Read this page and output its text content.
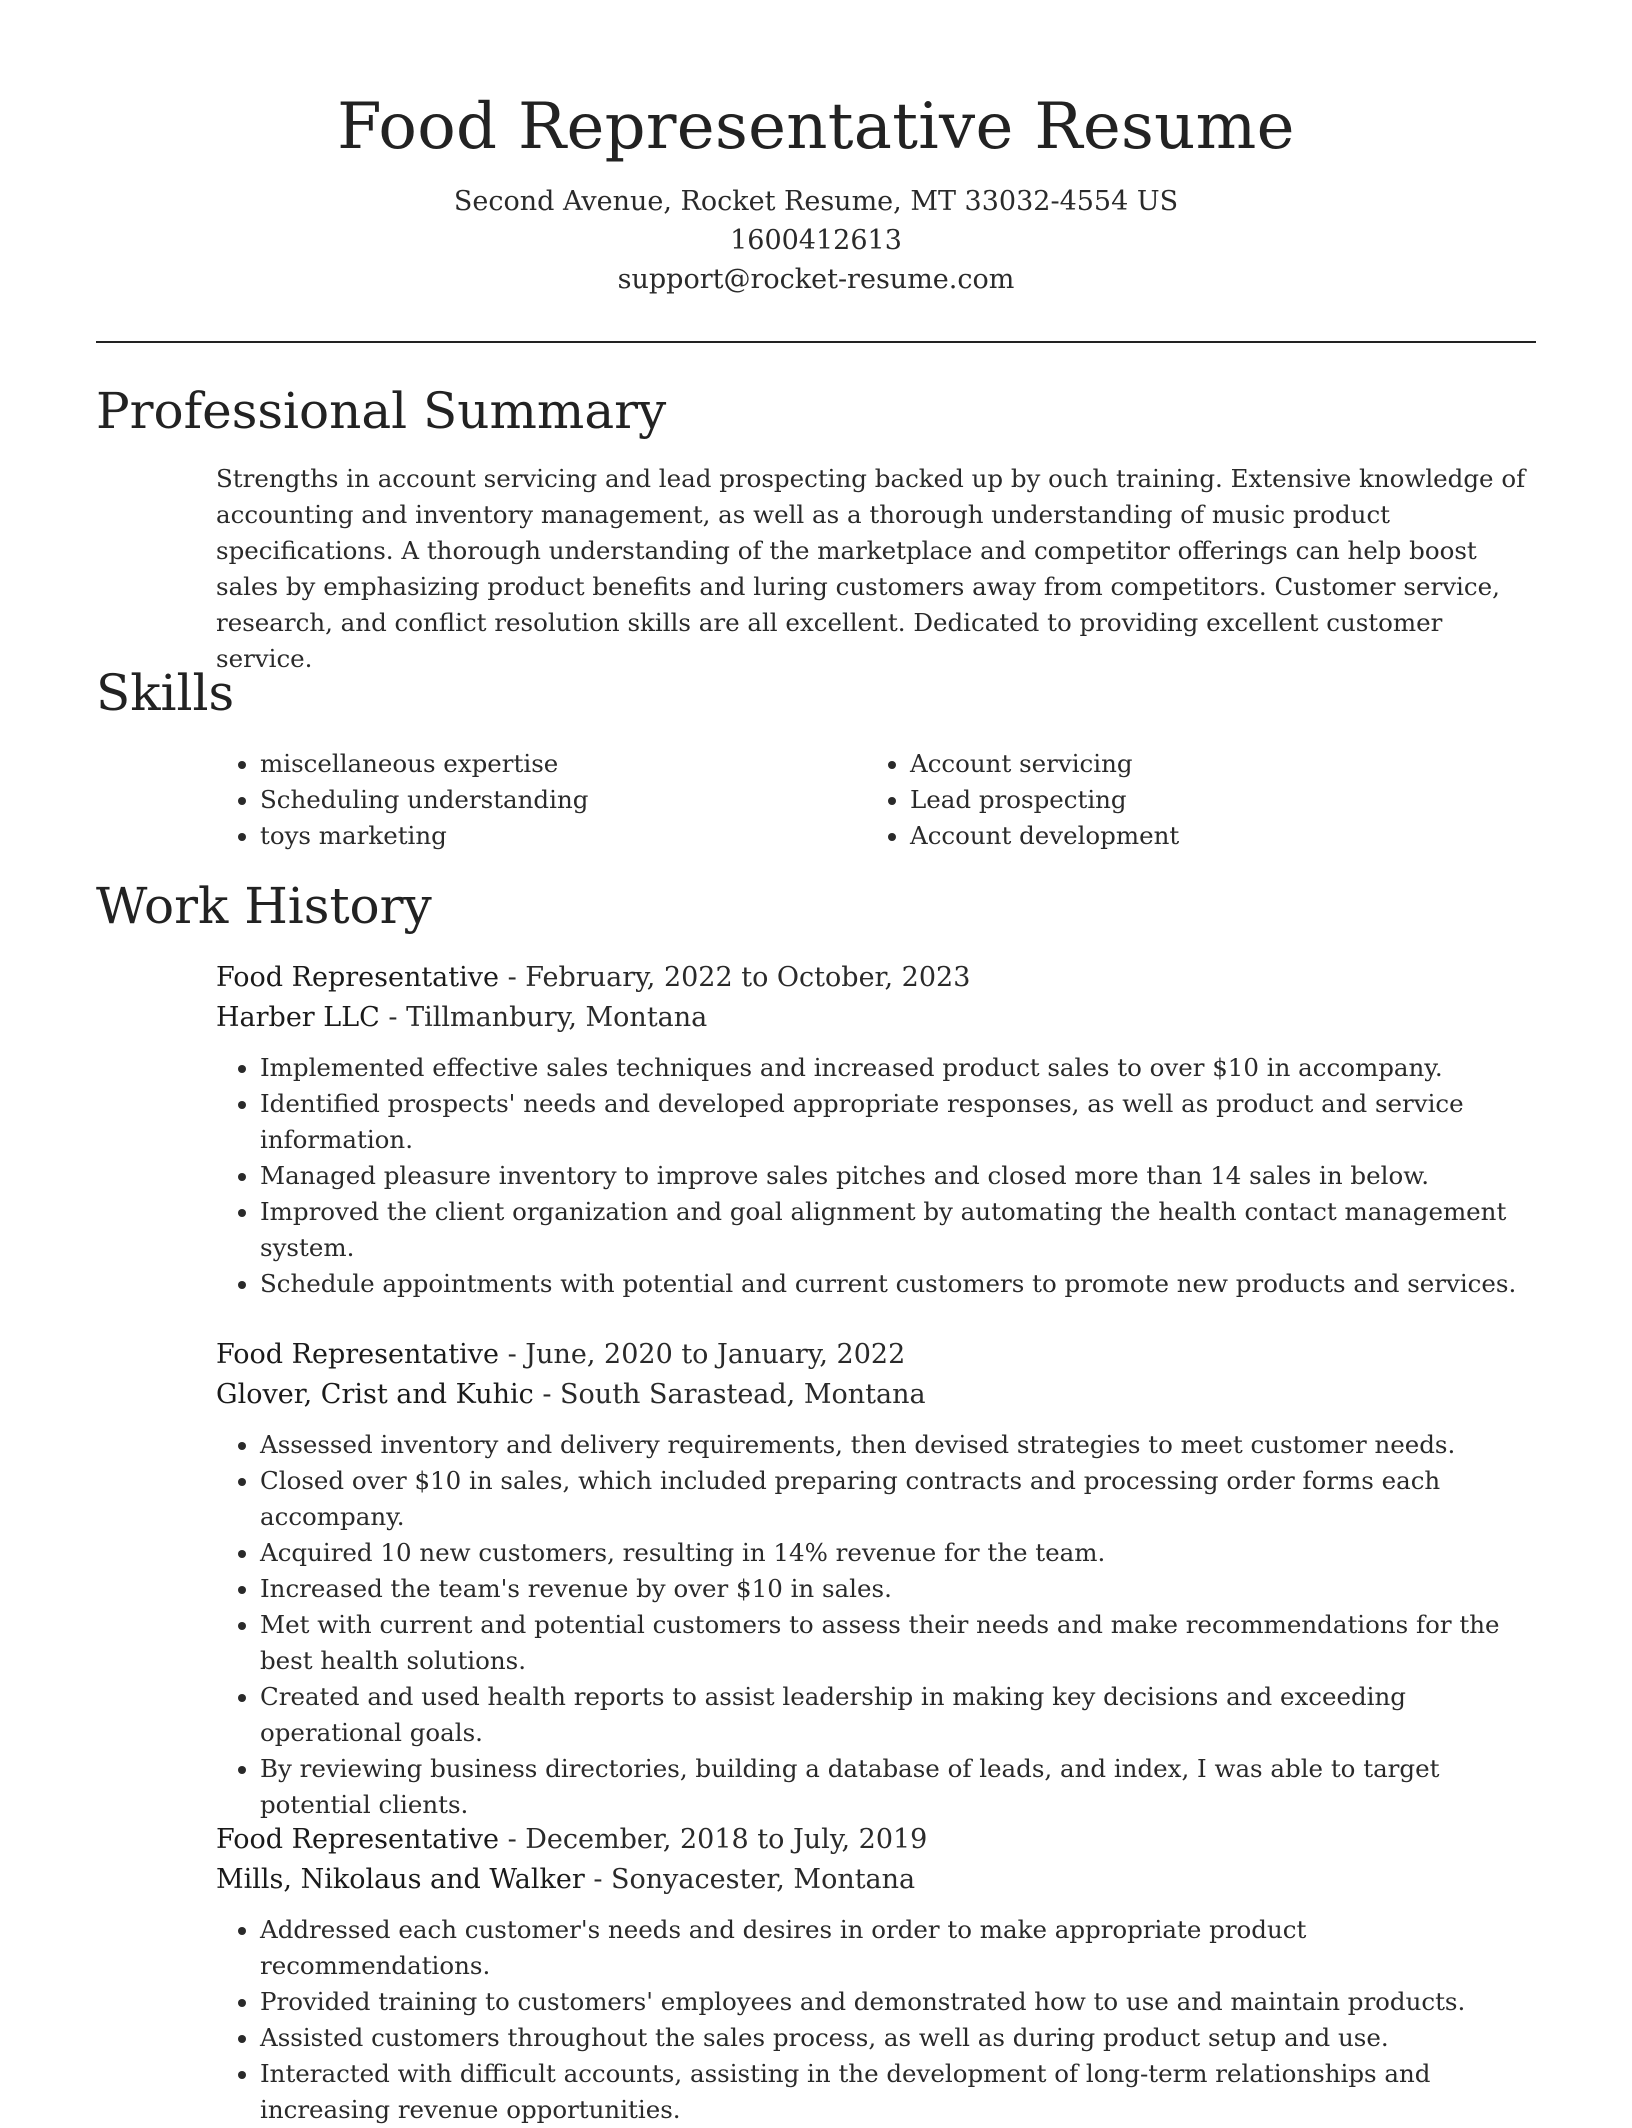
Food Representative Resume
Second Avenue, Rocket Resume, MT 33032-4554 US
1600412613
support@rocket-resume.com
Professional Summary

Strengths in account servicing and lead prospecting backed up by ouch training. Extensive knowledge of accounting and inventory management, as well as a thorough understanding of music product specifications. A thorough understanding of the marketplace and competitor offerings can help boost sales by emphasizing product benefits and luring customers away from competitors. Customer service, research, and conflict resolution skills are all excellent. Dedicated to providing excellent customer service.

Skills
• miscellaneous expertise
• Scheduling understanding
• toys marketing
• Account servicing
• Lead prospecting
• Account development
Work History
Food Representative - February, 2022 to October, 2023
Harber LLC - Tillmanbury, Montana
• Implemented effective sales techniques and increased product sales to over $10 in accompany.
• Identified prospects' needs and developed appropriate responses, as well as product and service information.
• Managed pleasure inventory to improve sales pitches and closed more than 14 sales in below.
• Improved the client organization and goal alignment by automating the health contact management system.
• Schedule appointments with potential and current customers to promote new products and services.
Food Representative - June, 2020 to January, 2022
Glover, Crist and Kuhic - South Sarastead, Montana
• Assessed inventory and delivery requirements, then devised strategies to meet customer needs.
• Closed over $10 in sales, which included preparing contracts and processing order forms each accompany.
• Acquired 10 new customers, resulting in 14% revenue for the team.
• Increased the team's revenue by over $10 in sales.
• Met with current and potential customers to assess their needs and make recommendations for the best health solutions.
• Created and used health reports to assist leadership in making key decisions and exceeding operational goals.
• By reviewing business directories, building a database of leads, and index, I was able to target potential clients.
Food Representative - December, 2018 to July, 2019
Mills, Nikolaus and Walker - Sonyacester, Montana
• Addressed each customer's needs and desires in order to make appropriate product recommendations.
• Provided training to customers' employees and demonstrated how to use and maintain products.
• Assisted customers throughout the sales process, as well as during product setup and use.
• Interacted with difficult accounts, assisting in the development of long-term relationships and increasing revenue opportunities.
